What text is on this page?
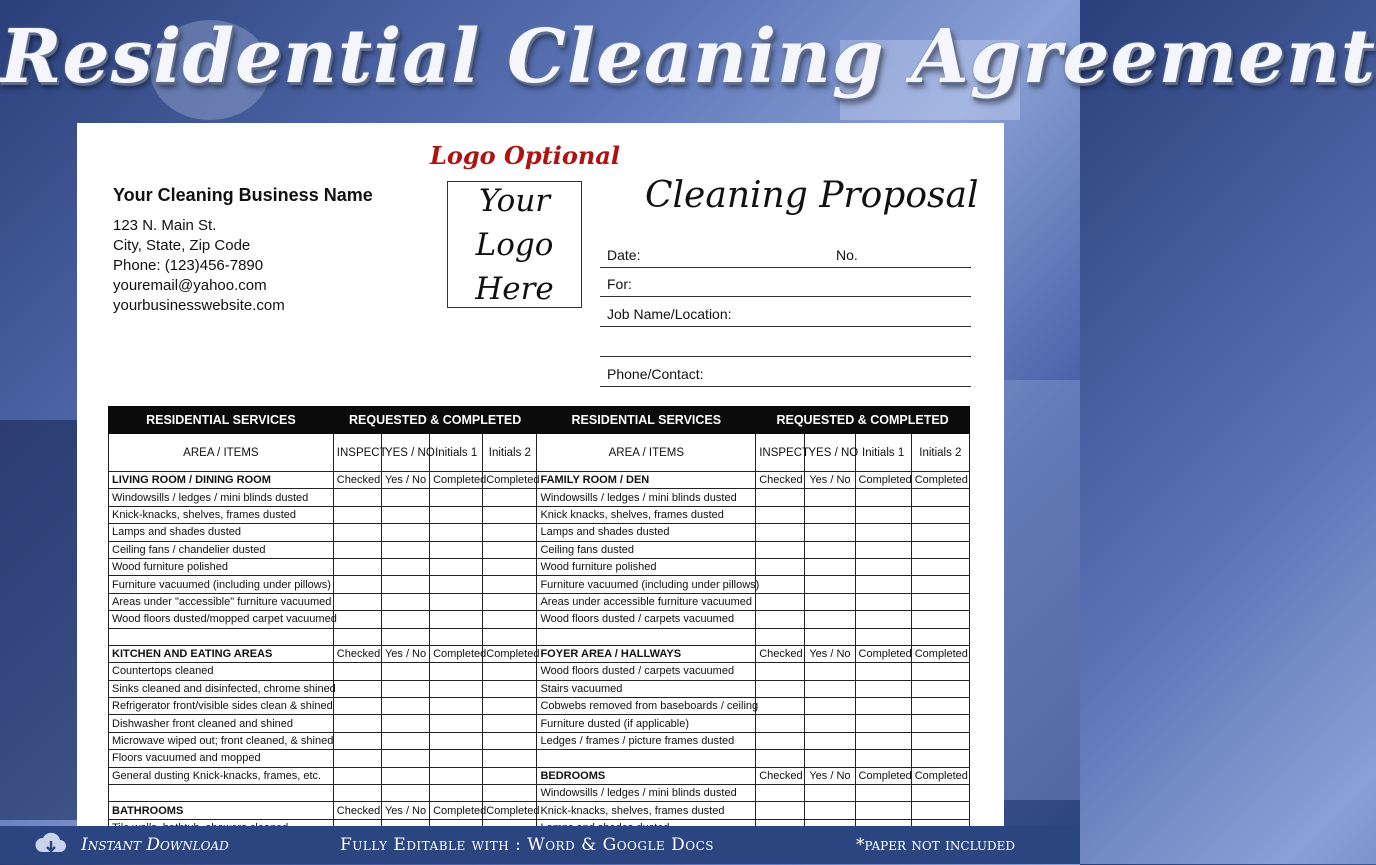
Residential Cleaning Agreement
Logo Optional
Your Cleaning Business Name
123 N. Main St.
City, State, Zip Code
Phone: (123)456-7890
youremail@yahoo.com
yourbusinesswebsite.com
Your
Logo
Here
Cleaning Proposal
Date:	No.
For:
Job Name/Location:
Phone/Contact:
RESIDENTIAL SERVICES	REQUESTED & COMPLETED				RESIDENTIAL SERVICES	REQUESTED & COMPLETED			
AREA / ITEMS	INSPECT	YES / NO	Initials 1	Initials 2	AREA / ITEMS	INSPECT	YES / NO	Initials 1	Initials 2
LIVING ROOM / DINING ROOM	Checked	Yes / No	Completed	Completed	FAMILY ROOM / DEN	Checked	Yes / No	Completed	Completed
Windowsills / ledges / mini blinds dusted					Windowsills / ledges / mini blinds dusted				
Knick-knacks, shelves, frames dusted					Knick knacks, shelves, frames dusted				
Lamps and shades dusted					Lamps and shades dusted				
Ceiling fans / chandelier dusted					Ceiling fans dusted				
Wood furniture polished					Wood furniture polished				
Furniture vacuumed (including under pillows)					Furniture vacuumed (including under pillows)				
Areas under "accessible" furniture vacuumed					Areas under accessible furniture vacuumed				
Wood floors dusted/mopped carpet vacuumed					Wood floors dusted / carpets vacuumed				

KITCHEN AND EATING AREAS	Checked	Yes / No	Completed	Completed	FOYER AREA / HALLWAYS	Checked	Yes / No	Completed	Completed
Countertops cleaned					Wood floors dusted / carpets vacuumed				
Sinks cleaned and disinfected, chrome shined					Stairs vacuumed				
Refrigerator front/visible sides clean & shined					Cobwebs removed from baseboards / ceiling				
Dishwasher front cleaned and shined					Furniture dusted (if applicable)				
Microwave wiped out; front cleaned, & shined					Ledges / frames / picture frames dusted				
Floors vacuumed and mopped									
General dusting Knick-knacks, frames, etc.					BEDROOMS	Checked	Yes / No	Completed	Completed
					Windowsills / ledges / mini blinds dusted				
BATHROOMS	Checked	Yes / No	Completed	Completed	Knick-knacks, shelves, frames dusted				

Instant Download	Fully Editable with : Word & Google Docs	*paper not included
